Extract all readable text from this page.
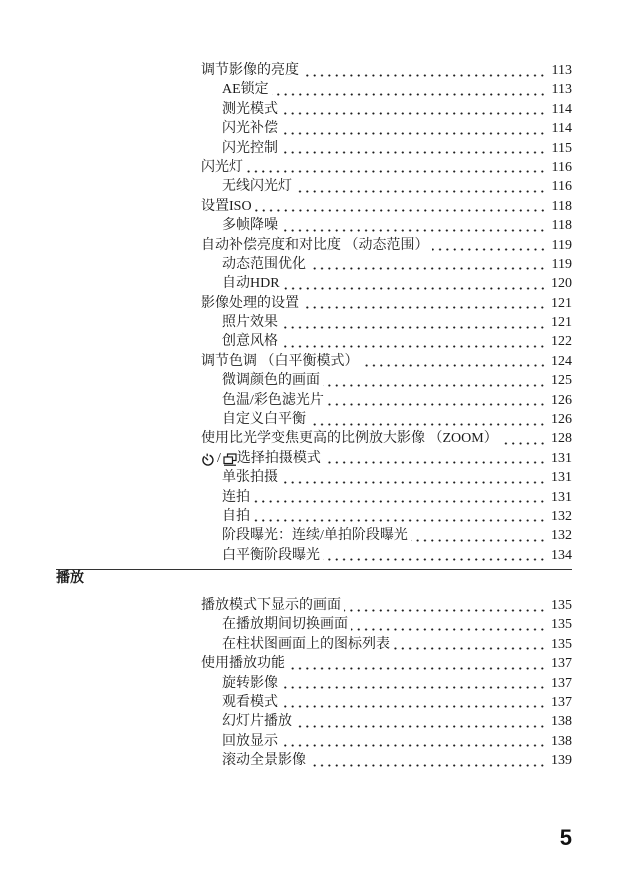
调节影像的亮度	113
AE锁定	113
测光模式	114
闪光补偿	114
闪光控制	115
闪光灯	116
无线闪光灯	116
设置ISO	118
多帧降噪	118
自动补偿亮度和对比度 （动态范围）	119
动态范围优化	119
自动HDR	120
影像处理的设置	121
照片效果	121
创意风格	122
调节色调 （白平衡模式）	124
微调颜色的画面	125
色温/彩色滤光片	126
自定义白平衡	126
使用比光学变焦更高的比例放大影像 （ZOOM）	128
/ 选择拍摄模式	131
单张拍摄	131
连拍	131
自拍	132
阶段曝光：连续/单拍阶段曝光	132
白平衡阶段曝光	134
播放
播放模式下显示的画面	135
在播放期间切换画面	135
在柱状图画面上的图标列表	135
使用播放功能	137
旋转影像	137
观看模式	137
幻灯片播放	138
回放显示	138
滚动全景影像	139
5
